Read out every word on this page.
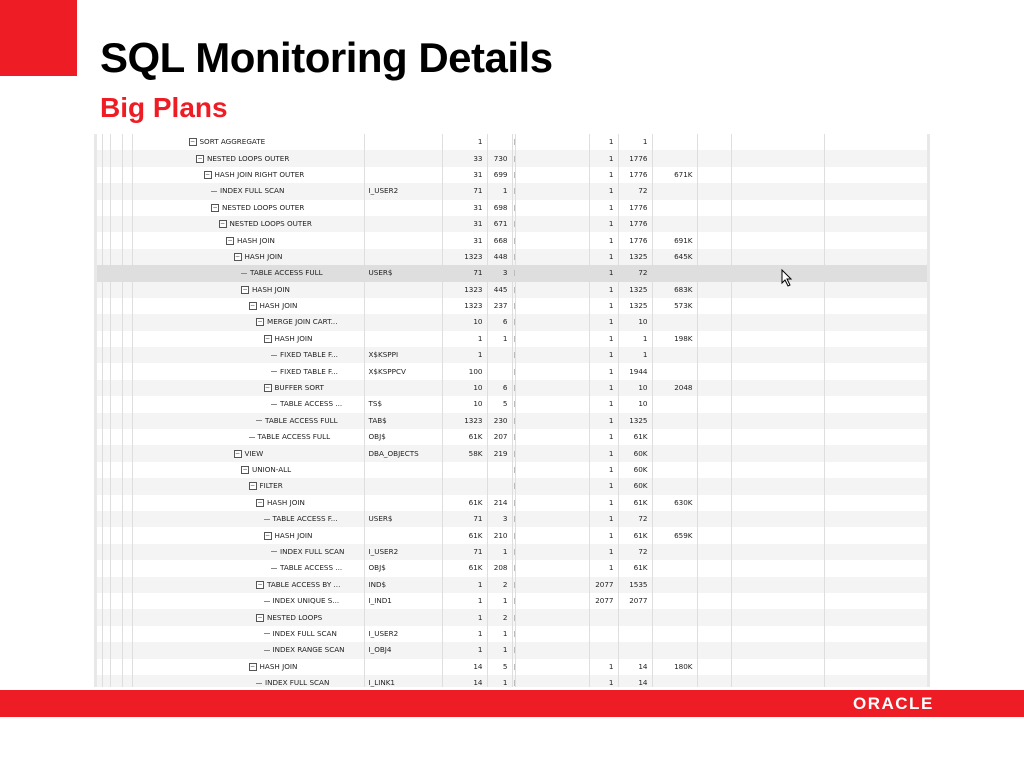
SQL Monitoring Details
Big Plans
				− SORT AGGREGATE		1				1	1				
				− NESTED LOOPS OUTER		33	730			1	1776				
				− HASH JOIN RIGHT OUTER		31	699			1	1776	671K			
				INDEX FULL SCAN	I_USER2	71	1			1	72				
				− NESTED LOOPS OUTER		31	698			1	1776				
				− NESTED LOOPS OUTER		31	671			1	1776				
				− HASH JOIN		31	668			1	1776	691K			
				− HASH JOIN		1323	448			1	1325	645K			
				TABLE ACCESS FULL	USER$	71	3			1	72				
				− HASH JOIN		1323	445			1	1325	683K			
				− HASH JOIN		1323	237			1	1325	573K			
				− MERGE JOIN CART...		10	6			1	10				
				− HASH JOIN		1	1			1	1	198K			
				FIXED TABLE F...	X$KSPPI	1				1	1				
				FIXED TABLE F...	X$KSPPCV	100				1	1944				
				− BUFFER SORT		10	6			1	10	2048			
				TABLE ACCESS ...	TS$	10	5			1	10				
				TABLE ACCESS FULL	TAB$	1323	230			1	1325				
				TABLE ACCESS FULL	OBJ$	61K	207			1	61K				
				− VIEW	DBA_OBJECTS	58K	219			1	60K				
				− UNION-ALL						1	60K				
				− FILTER						1	60K				
				− HASH JOIN		61K	214			1	61K	630K			
				TABLE ACCESS F...	USER$	71	3			1	72				
				− HASH JOIN		61K	210			1	61K	659K			
				INDEX FULL SCAN	I_USER2	71	1			1	72				
				TABLE ACCESS ...	OBJ$	61K	208			1	61K				
				− TABLE ACCESS BY ...	IND$	1	2			2077	1535				
				INDEX UNIQUE S...	I_IND1	1	1			2077	2077				
				− NESTED LOOPS		1	2								
				INDEX FULL SCAN	I_USER2	1	1								
				INDEX RANGE SCAN	I_OBJ4	1	1								
				− HASH JOIN		14	5			1	14	180K			
				INDEX FULL SCAN	I_LINK1	14	1			1	14				
ORACLE
